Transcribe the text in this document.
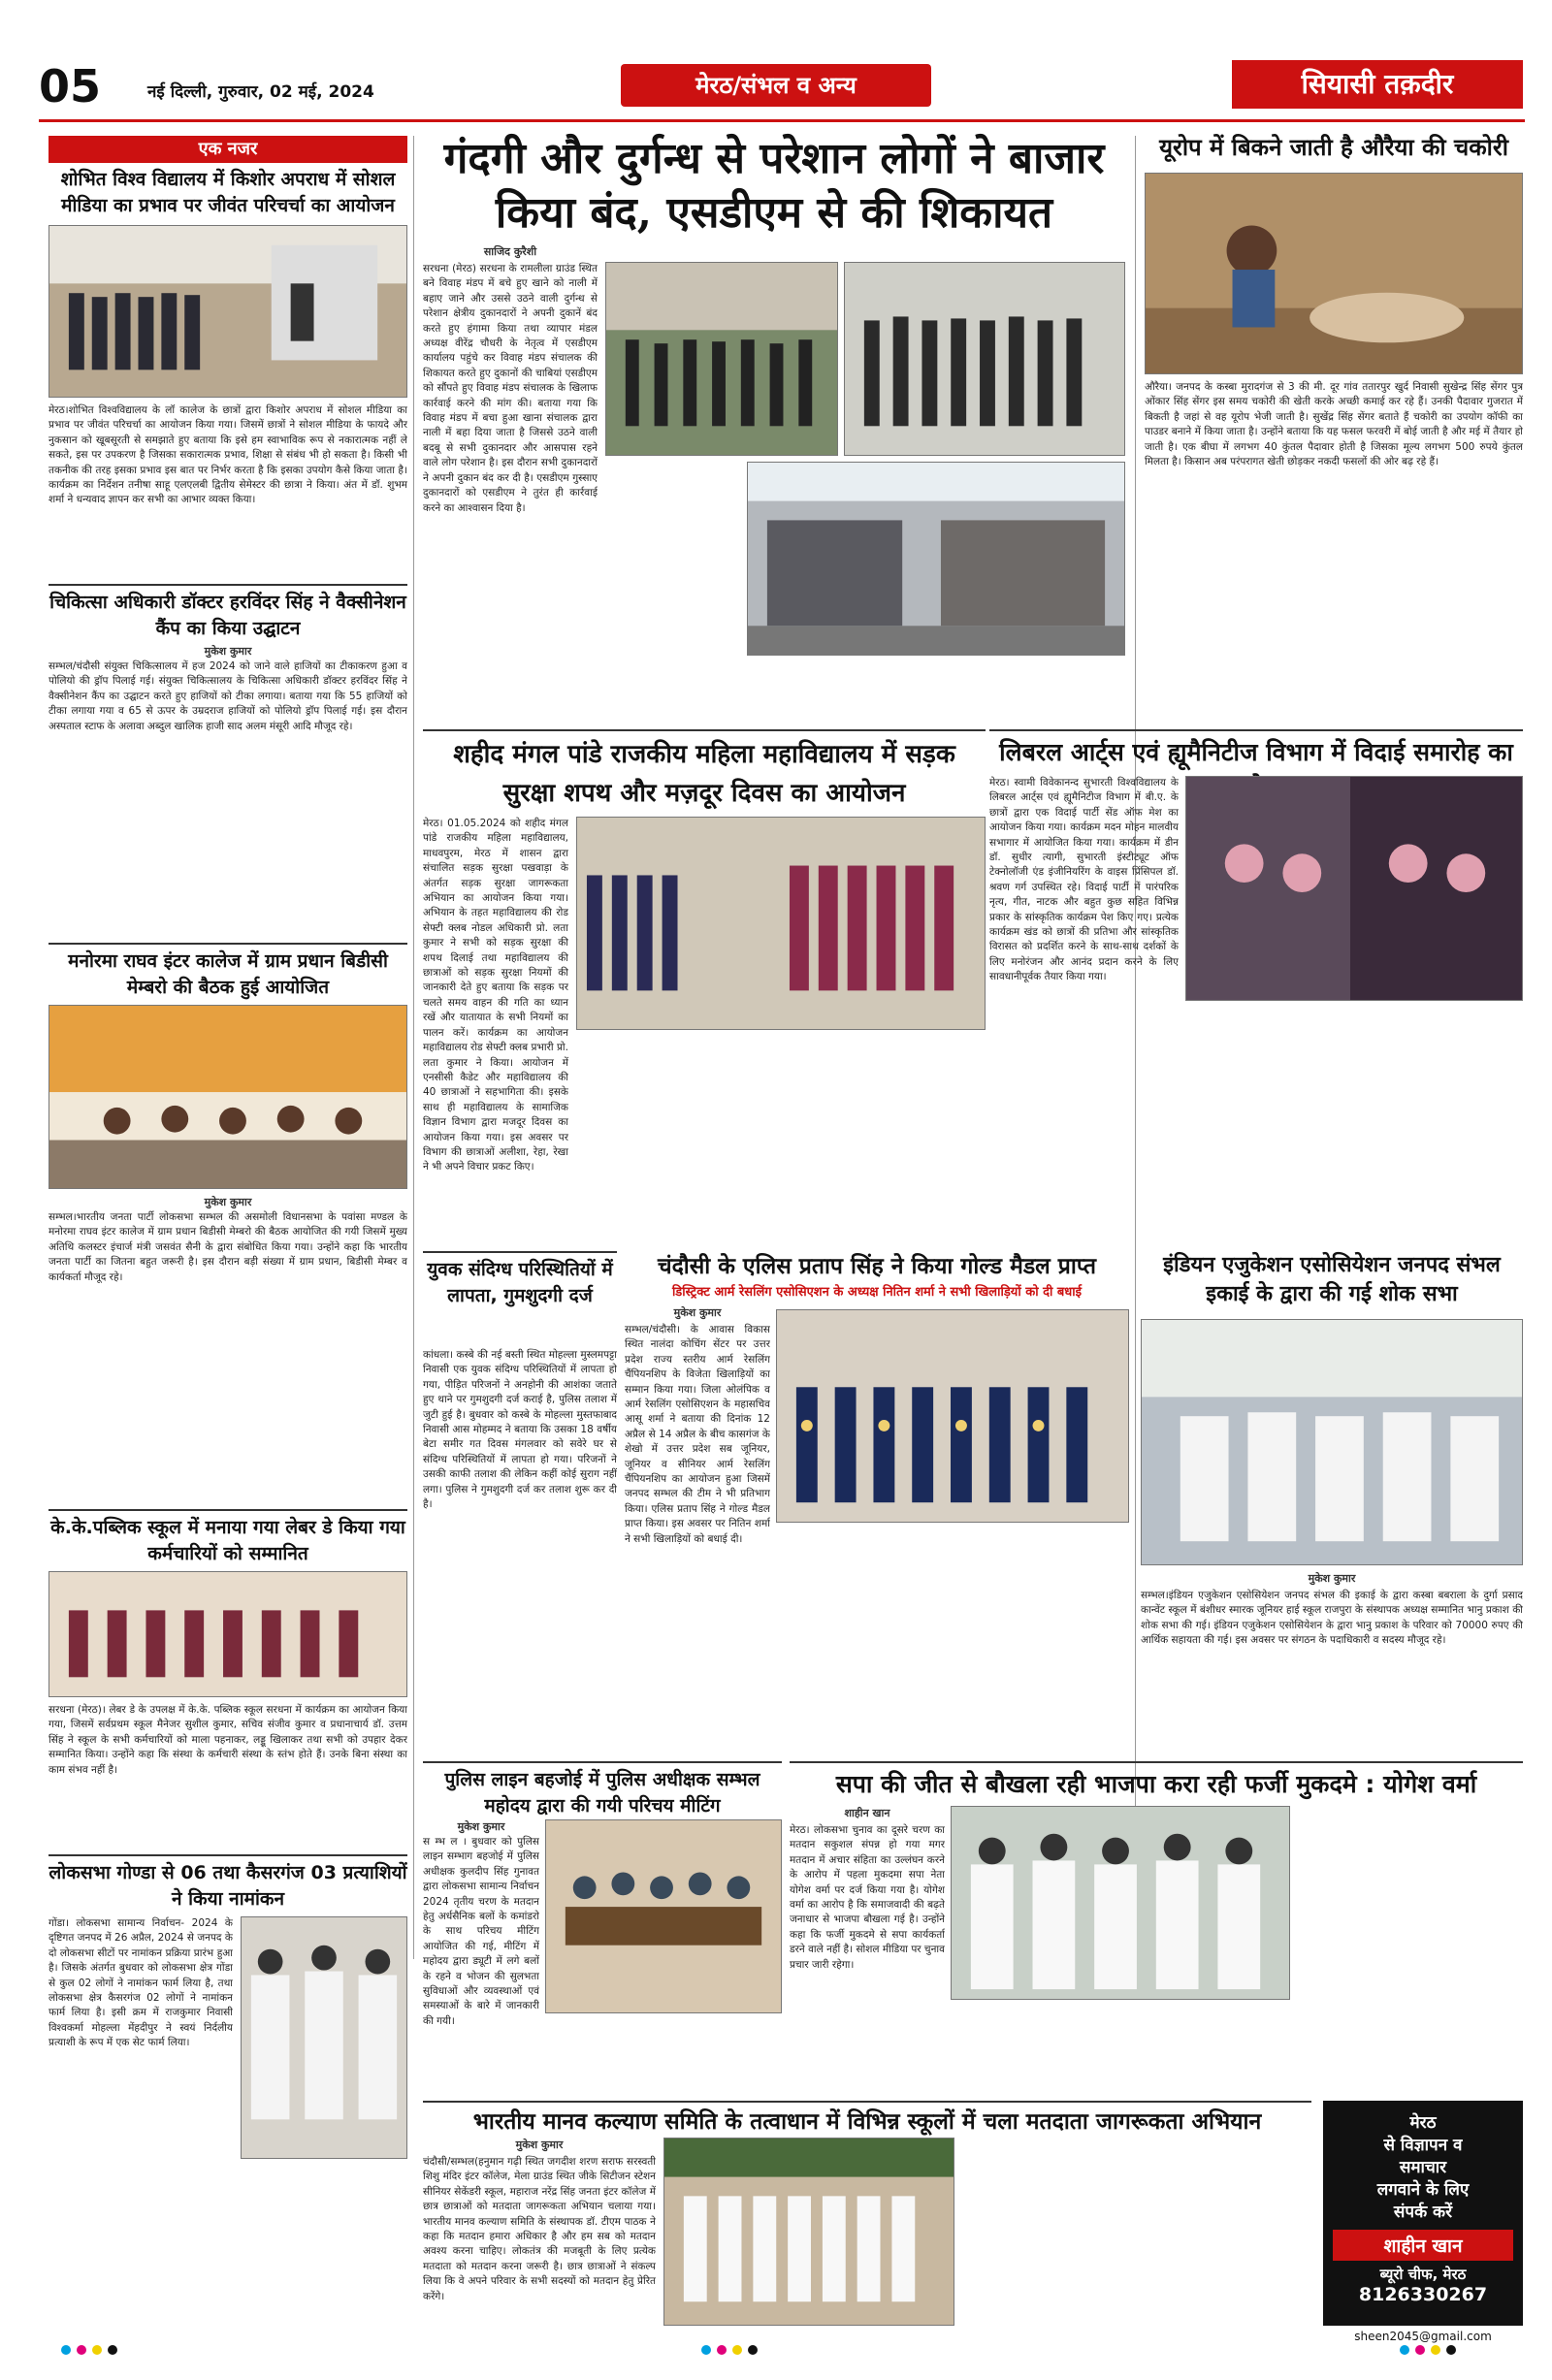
05	नई दिल्ली, गुरुवार, 02 मई, 2024	मेरठ/संभल व अन्य	सियासी तक़दीर
एक नजर
शोभित विश्व विद्यालय में किशोर अपराध में सोशल मीडिया का प्रभाव पर जीवंत परिचर्चा का आयोजन
मेरठ।शोभित विश्वविद्यालय के लॉ कालेज के छात्रों द्वारा किशोर अपराध में सोशल मीडिया का प्रभाव पर जीवंत परिचर्चा का आयोजन किया गया। जिसमें छात्रों ने सोशल मीडिया के फायदे और नुकसान को खूबसूरती से समझाते हुए बताया कि इसे हम स्वाभाविक रूप से नकारात्मक नहीं ले सकते, इस पर उपकरण है जिसका सकारात्मक प्रभाव, शिक्षा से संबंध भी हो सकता है। किसी भी तकनीक की तरह इसका प्रभाव इस बात पर निर्भर करता है कि इसका उपयोग कैसे किया जाता है। कार्यक्रम का निर्देशन तनीषा साहू एलएलबी द्वितीय सेमेस्टर की छात्रा ने किया। अंत में डॉ. शुभम शर्मा ने धन्यवाद ज्ञापन कर सभी का आभार व्यक्त किया।
चिकित्सा अधिकारी डॉक्टर हरविंदर सिंह ने वैक्सीनेशन कैंप का किया उद्घाटन
मुकेश कुमार
सम्भल/चंदौसी संयुक्त चिकित्सालय में हज 2024 को जाने वाले हाजियों का टीकाकरण हुआ व पोलियो की ड्रॉप पिलाई गई। संयुक्त चिकित्सालय के चिकित्सा अधिकारी डॉक्टर हरविंदर सिंह ने वैक्सीनेशन कैंप का उद्घाटन करते हुए हाजियों को टीका लगाया। बताया गया कि 55 हाजियों को टीका लगाया गया व 65 से ऊपर के उम्रदराज हाजियों को पोलियो ड्रॉप पिलाई गई। इस दौरान अस्पताल स्टाफ के अलावा अब्दुल खालिक हाजी साद अलम मंसूरी आदि मौजूद रहे।
मनोरमा राघव इंटर कालेज में ग्राम प्रधान बिडीसी मेम्बरो की बैठक हुई आयोजित
मुकेश कुमार
सम्भल।भारतीय जनता पार्टी लोकसभा सम्भल की असमोली विधानसभा के पवांसा मण्डल के मनोरमा राघव इंटर कालेज में ग्राम प्रधान बिडीसी मेम्बरो की बैठक आयोजित की गयी जिसमें मुख्य अतिथि कलस्टर इंचार्ज मंत्री जसवंत सैनी के द्वारा संबोधित किया गया। उन्होंने कहा कि भारतीय जनता पार्टी का जितना बहुत जरूरी है। इस दौरान बड़ी संख्या में ग्राम प्रधान, बिडीसी मेम्बर व कार्यकर्ता मौजूद रहे।
के.के.पब्लिक स्कूल में मनाया गया लेबर डे किया गया कर्मचारियों को सम्मानित
सरधना (मेरठ)। लेबर डे के उपलक्ष में के.के. पब्लिक स्कूल सरधना में कार्यक्रम का आयोजन किया गया, जिसमें सर्वप्रथम स्कूल मैनेजर सुशील कुमार, सचिव संजीव कुमार व प्रधानाचार्य डॉ. उत्तम सिंह ने स्कूल के सभी कर्मचारियों को माला पहनाकर, लड्डू खिलाकर तथा सभी को उपहार देकर सम्मानित किया। उन्होंने कहा कि संस्था के कर्मचारी संस्था के स्तंभ होते हैं। उनके बिना संस्था का काम संभव नहीं है।
लोकसभा गोण्डा से 06 तथा कैसरगंज 03 प्रत्याशियों ने किया नामांकन
गोंडा। लोकसभा सामान्य निर्वाचन- 2024 के दृष्टिगत जनपद में 26 अप्रैल, 2024 से जनपद के दो लोकसभा सीटों पर नामांकन प्रक्रिया प्रारंभ हुआ है। जिसके अंतर्गत बुधवार को लोकसभा क्षेत्र गोंडा से कुल 02 लोगों ने नामांकन फार्म लिया है, तथा लोकसभा क्षेत्र कैसरगंज 02 लोगों ने नामांकन फार्म लिया है। इसी क्रम में राजकुमार निवासी विश्वकर्मा मोहल्ला मेंहदीपुर ने स्वयं निर्दलीय प्रत्याशी के रूप में एक सेट फार्म लिया।
गंदगी और दुर्गन्ध से परेशान लोगों ने बाजार किया बंद, एसडीएम से की शिकायत
साजिद कुरैशी
सरधना (मेरठ) सरधना के रामलीला ग्राउंड स्थित बने विवाह मंडप में बचे हुए खाने को नाली में बहाए जाने और उससे उठने वाली दुर्गन्ध से परेशान क्षेत्रीय दुकानदारों ने अपनी दुकानें बंद करते हुए हंगामा किया तथा व्यापार मंडल अध्यक्ष वीरेंद्र चौधरी के नेतृत्व में एसडीएम कार्यालय पहुंचे कर विवाह मंडप संचालक की शिकायत करते हुए दुकानों की चाबियां एसडीएम को सौंपते हुए विवाह मंडप संचालक के खिलाफ कार्रवाई करने की मांग की। बताया गया कि विवाह मंडप में बचा हुआ खाना संचालक द्वारा नाली में बहा दिया जाता है जिससे उठने वाली बदबू से सभी दुकानदार और आसपास रहने वाले लोग परेशान है। इस दौरान सभी दुकानदारों ने अपनी दुकान बंद कर दी है। एसडीएम गुस्साए दुकानदारों को एसडीएम ने तुरंत ही कार्रवाई करने का आश्वासन दिया है।
यूरोप में बिकने जाती है औरैया की चकोरी
औरैया। जनपद के कस्बा मुरादगंज से 3 की मी. दूर गांव ततारपुर खुर्द निवासी सुखेन्द्र सिंह सेंगर पुत्र ओंकार सिंह सेंगर इस समय चकोरी की खेती करके अच्छी कमाई कर रहे हैं। उनकी पैदावार गुजरात में बिकती है जहां से वह यूरोप भेजी जाती है। सुखेंद्र सिंह सेंगर बताते हैं चकोरी का उपयोग कॉफी का पाउडर बनाने में किया जाता है। उन्होंने बताया कि यह फसल फरवरी में बोई जाती है और मई में तैयार हो जाती है। एक बीघा में लगभग 40 कुंतल पैदावार होती है जिसका मूल्य लगभग 500 रुपये कुंतल मिलता है। किसान अब परंपरागत खेती छोड़कर नकदी फसलों की ओर बढ़ रहे हैं।
शहीद मंगल पांडे राजकीय महिला महाविद्यालय में सड़क सुरक्षा शपथ और मज़दूर दिवस का आयोजन
मेरठ। 01.05.2024 को शहीद मंगल पांडे राजकीय महिला महाविद्यालय, माधवपुरम, मेरठ में शासन द्वारा संचालित सड़क सुरक्षा पखवाड़ा के अंतर्गत सड़क सुरक्षा जागरूकता अभियान का आयोजन किया गया। अभियान के तहत महाविद्यालय की रोड सेफ्टी क्लब नोडल अधिकारी प्रो. लता कुमार ने सभी को सड़क सुरक्षा की शपथ दिलाई तथा महाविद्यालय की छात्राओं को सड़क सुरक्षा नियमों की जानकारी देते हुए बताया कि सड़क पर चलते समय वाहन की गति का ध्यान रखें और यातायात के सभी नियमों का पालन करें। कार्यक्रम का आयोजन महाविद्यालय रोड सेफ्टी क्लब प्रभारी प्रो. लता कुमार ने किया। आयोजन में एनसीसी कैडेट और महाविद्यालय की 40 छात्राओं ने सहभागिता की। इसके साथ ही महाविद्यालय के सामाजिक विज्ञान विभाग द्वारा मजदूर दिवस का आयोजन किया गया। इस अवसर पर विभाग की छात्राओं अलीशा, रेहा, रेखा ने भी अपने विचार प्रकट किए।
लिबरल आर्ट्स एवं ह्यूमैनिटीज विभाग में विदाई समारोह का
मेरठ। स्वामी विवेकानन्द सुभारती विश्वविद्यालय के लिबरल आर्ट्स एवं ह्यूमैनिटीज विभाग में बी.ए. के छात्रों द्वारा एक विदाई पार्टी सेंड ऑफ मेश का आयोजन किया गया। कार्यक्रम मदन मोहन मालवीय सभागार में आयोजित किया गया। कार्यक्रम में डीन डॉ. सुधीर त्यागी, सुभारती इंस्टीट्यूट ऑफ टेक्नोलॉजी एंड इंजीनियरिंग के वाइस प्रिंसिपल डॉ. श्रवण गर्ग उपस्थित रहे। विदाई पार्टी में पारंपरिक नृत्य, गीत, नाटक और बहुत कुछ सहित विभिन्न प्रकार के सांस्कृतिक कार्यक्रम पेश किए गए। प्रत्येक कार्यक्रम खंड को छात्रों की प्रतिभा और सांस्कृतिक विरासत को प्रदर्शित करने के साथ-साथ दर्शकों के लिए मनोरंजन और आनंद प्रदान करने के लिए सावधानीपूर्वक तैयार किया गया।
युवक संदिग्ध परिस्थितियों में लापता, गुमशुदगी दर्ज
कांधला। कस्बे की नई बस्ती स्थित मोहल्ला मुस्लमपट्टा निवासी एक युवक संदिग्ध परिस्थितियों में लापता हो गया, पीड़ित परिजनों ने अनहोनी की आशंका जताते हुए थाने पर गुमशुदगी दर्ज कराई है, पुलिस तलाश में जुटी हुई है। बुधवार को कस्बे के मोहल्ला मुस्तफाबाद निवासी आस मोहम्मद ने बताया कि उसका 18 वर्षीय बेटा समीर गत दिवस मंगलवार को सवेरे घर से संदिग्ध परिस्थितियों में लापता हो गया। परिजनों ने उसकी काफी तलाश की लेकिन कहीं कोई सुराग नहीं लगा। पुलिस ने गुमशुदगी दर्ज कर तलाश शुरू कर दी है।
चंदौसी के एलिस प्रताप सिंह ने किया गोल्ड मैडल प्राप्त
डिस्ट्रिक्ट आर्म रेसलिंग एसोसिएशन के अध्यक्ष नितिन शर्मा ने सभी खिलाड़ियों को दी बधाई
मुकेश कुमार
सम्भल/चंदौसी। के आवास विकास स्थित नालंदा कोचिंग सेंटर पर उत्तर प्रदेश राज्य स्तरीय आर्म रेसलिंग चैंपियनशिप के विजेता खिलाड़ियों का सम्मान किया गया। जिला ओलंपिक व आर्म रेसलिंग एसोसिएशन के महासचिव आसू शर्मा ने बताया की दिनांक 12 अप्रैल से 14 अप्रैल के बीच कासगंज के शेखो में उत्तर प्रदेश सब जूनियर, जूनियर व सीनियर आर्म रेसलिंग चैंपियनशिप का आयोजन हुआ जिसमें जनपद सम्भल की टीम ने भी प्रतिभाग किया। एलिस प्रताप सिंह ने गोल्ड मैडल प्राप्त किया। इस अवसर पर नितिन शर्मा ने सभी खिलाड़ियों को बधाई दी।
इंडियन एजुकेशन एसोसियेशन जनपद संभल इकाई के द्वारा की गई शोक सभा
मुकेश कुमार
सम्भल।इंडियन एजुकेशन एसोसियेशन जनपद संभल की इकाई के द्वारा कस्बा बबराला के दुर्गा प्रसाद कान्वेंट स्कूल में बंशीधर स्मारक जूनियर हाई स्कूल राजपुरा के संस्थापक अध्यक्ष सम्मानित भानु प्रकाश की शोक सभा की गई। इंडियन एजुकेशन एसोसियेशन के द्वारा भानु प्रकाश के परिवार को 70000 रुपए की आर्थिक सहायता की गई। इस अवसर पर संगठन के पदाधिकारी व सदस्य मौजूद रहे।
पुलिस लाइन बहजोई में पुलिस अधीक्षक सम्भल महोदय द्वारा की गयी परिचय मीटिंग
मुकेश कुमार
स म्भ ल । बुधवार को पुलिस लाइन सम्भाग बहजोई में पुलिस अधीक्षक कुलदीप सिंह गुनावत द्वारा लोकसभा सामान्य निर्वाचन 2024 तृतीय चरण के मतदान हेतु अर्धसैनिक बलों के कमांडरो के साथ परिचय मीटिंग आयोजित की गई, मीटिंग में महोदय द्वारा ड्यूटी में लगे बलों के रहने व भोजन की सुलभता सुविधाओं और व्यवस्थाओं एवं समस्याओं के बारे में जानकारी की गयी।
सपा की जीत से बौखला रही भाजपा करा रही फर्जी मुकदमे : योगेश वर्मा
शाहीन खान
मेरठ। लोकसभा चुनाव का दूसरे चरण का मतदान सकुशल संपन्न हो गया मगर मतदान में अचार संहिता का उल्लंघन करने के आरोप में पहला मुकदमा सपा नेता योगेश वर्मा पर दर्ज किया गया है। योगेश वर्मा का आरोप है कि समाजवादी की बढ़ते जनाधार से भाजपा बौखला गई है। उन्होंने कहा कि फर्जी मुकदमे से सपा कार्यकर्ता डरने वाले नहीं है। सोशल मीडिया पर चुनाव प्रचार जारी रहेगा।
भारतीय मानव कल्याण समिति के तत्वाधान में विभिन्न स्कूलों में चला मतदाता जागरूकता अभियान
मुकेश कुमार
चंदौसी/सम्भल(हनुमान गढ़ी स्थित जगदीश शरण सराफ सरस्वती शिशु मंदिर इंटर कॉलेज, मेला ग्राउंड स्थित जीके सिटीजन स्टेशन सीनियर सेकेंडरी स्कूल, महाराज नरेंद्र सिंह जनता इंटर कॉलेज में छात्र छात्राओं को मतदाता जागरूकता अभियान चलाया गया। भारतीय मानव कल्याण समिति के संस्थापक डॉ. टीएम पाठक ने कहा कि मतदान हमारा अधिकार है और हम सब को मतदान अवश्य करना चाहिए। लोकतंत्र की मजबूती के लिए प्रत्येक मतदाता को मतदान करना जरूरी है। छात्र छात्राओं ने संकल्प लिया कि वे अपने परिवार के सभी सदस्यों को मतदान हेतु प्रेरित करेंगे।
मेरठ
से विज्ञापन व
समाचार
लगवाने के लिए
संपर्क करें
शाहीन खान
ब्यूरो चीफ, मेरठ
8126330267
sheen2045@gmail.com
